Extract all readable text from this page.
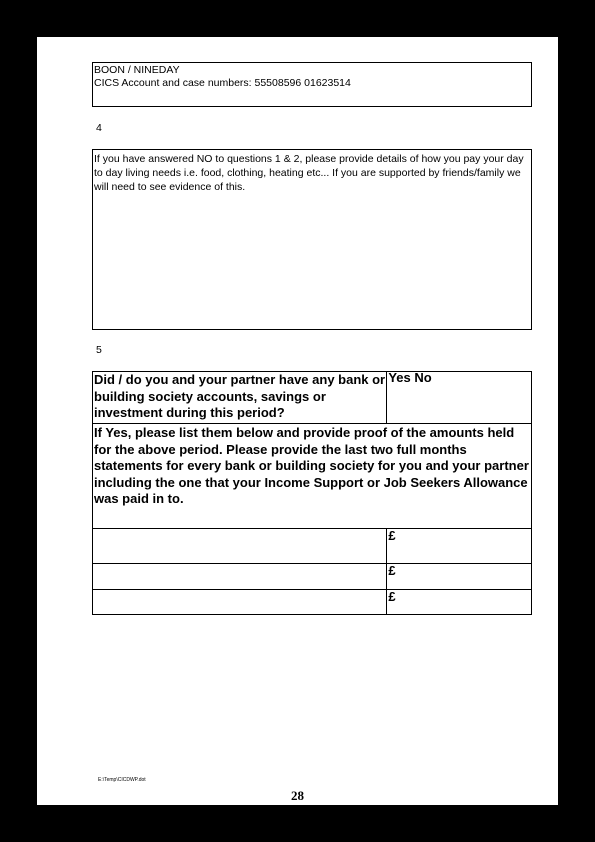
BOON / NINEDAY
CICS Account and case numbers: 55508596 01623514
4
If you have answered NO to questions 1 & 2, please provide details of how you pay your day to day living needs i.e. food, clothing, heating etc... If you are supported by friends/family we will need to see evidence of this.
5
Did / do you and your partner have any bank or building society accounts, savings or investment during this period?	Yes No
If Yes, please list them below and provide proof of the amounts held for the above period. Please provide the last two full months statements for every bank or building society for you and your partner including the one that your Income Support or Job Seekers Allowance was paid in to.	
	£
	£
	£
E:\Temp\CICDWP.dot
28
